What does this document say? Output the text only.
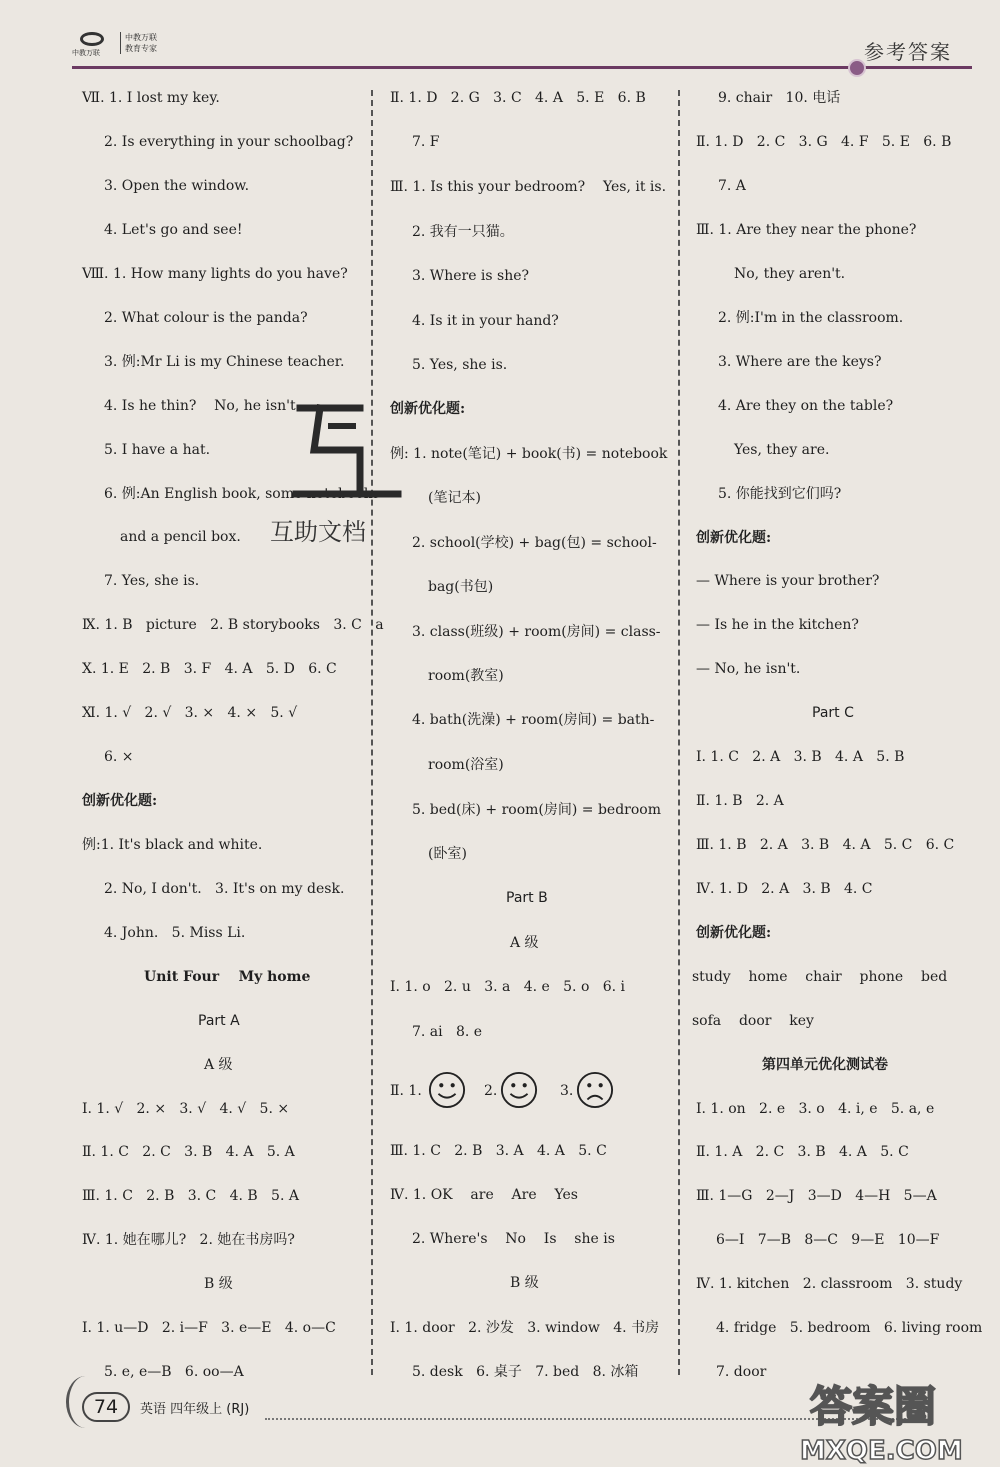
中教万联
中教万联
教育专家	参考答案
Ⅶ. 1. I lost my key.
2. Is everything in your schoolbag?
3. Open the window.
4. Let's go and see!
Ⅷ. 1. How many lights do you have?
2. What colour is the panda?
3. 例:Mr Li is my Chinese teacher.
4. Is he thin?    No, he isn't.
5. I have a hat.
6. 例:An English book, some notebooks
and a pencil box.
7. Yes, she is.
Ⅸ. 1. B   picture   2. B storybooks   3. C   a
Ⅹ. 1. E   2. B   3. F   4. A   5. D   6. C
Ⅺ. 1. √   2. √   3. ×   4. ×   5. √
6. ×
创新优化题:
例:1. It's black and white.
2. No, I don't.   3. It's on my desk.
4. John.   5. Miss Li.
Unit Four    My home
Part A
A 级
Ⅰ. 1. √   2. ×   3. √   4. √   5. ×
Ⅱ. 1. C   2. C   3. B   4. A   5. A
Ⅲ. 1. C   2. B   3. C   4. B   5. A
Ⅳ. 1. 她在哪儿?   2. 她在书房吗?
B 级
Ⅰ. 1. u—D   2. i—F   3. e—E   4. o—C
5. e, e—B   6. oo—A
Ⅱ. 1. D   2. G   3. C   4. A   5. E   6. B
7. F
Ⅲ. 1. Is this your bedroom?    Yes, it is.
2. 我有一只猫。
3. Where is she?
4. Is it in your hand?
5. Yes, she is.
创新优化题:
例: 1. note(笔记) + book(书) = notebook
(笔记本)
2. school(学校) + bag(包) = school-
bag(书包)
3. class(班级) + room(房间) = class-
room(教室)
4. bath(洗澡) + room(房间) = bath-
room(浴室)
5. bed(床) + room(房间) = bedroom
(卧室)
Part B
A 级
Ⅰ. 1. o   2. u   3. a   4. e   5. o   6. i
7. ai   8. e
Ⅱ. 1.	2.	3.
Ⅲ. 1. C   2. B   3. A   4. A   5. C
Ⅳ. 1. OK    are    Are    Yes
2. Where's    No    Is    she is
B 级
Ⅰ. 1. door   2. 沙发   3. window   4. 书房
5. desk   6. 桌子   7. bed   8. 冰箱
9. chair   10. 电话
Ⅱ. 1. D   2. C   3. G   4. F   5. E   6. B
7. A
Ⅲ. 1. Are they near the phone?
No, they aren't.
2. 例:I'm in the classroom.
3. Where are the keys?
4. Are they on the table?
Yes, they are.
5. 你能找到它们吗?
创新优化题:
— Where is your brother?
— Is he in the kitchen?
— No, he isn't.
Part C
Ⅰ. 1. C   2. A   3. B   4. A   5. B
Ⅱ. 1. B   2. A
Ⅲ. 1. B   2. A   3. B   4. A   5. C   6. C
Ⅳ. 1. D   2. A   3. B   4. C
创新优化题:
study    home    chair    phone    bed
sofa    door    key
第四单元优化测试卷
Ⅰ. 1. on   2. e   3. o   4. i, e   5. a, e
Ⅱ. 1. A   2. C   3. B   4. A   5. C
Ⅲ. 1—G   2—J   3—D   4—H   5—A
6—I   7—B   8—C   9—E   10—F
Ⅳ. 1. kitchen   2. classroom   3. study
4. fridge   5. bedroom   6. living room
7. door
互助文档
74	英语 四年级上 (RJ)	答案圈
MXQE.COM
